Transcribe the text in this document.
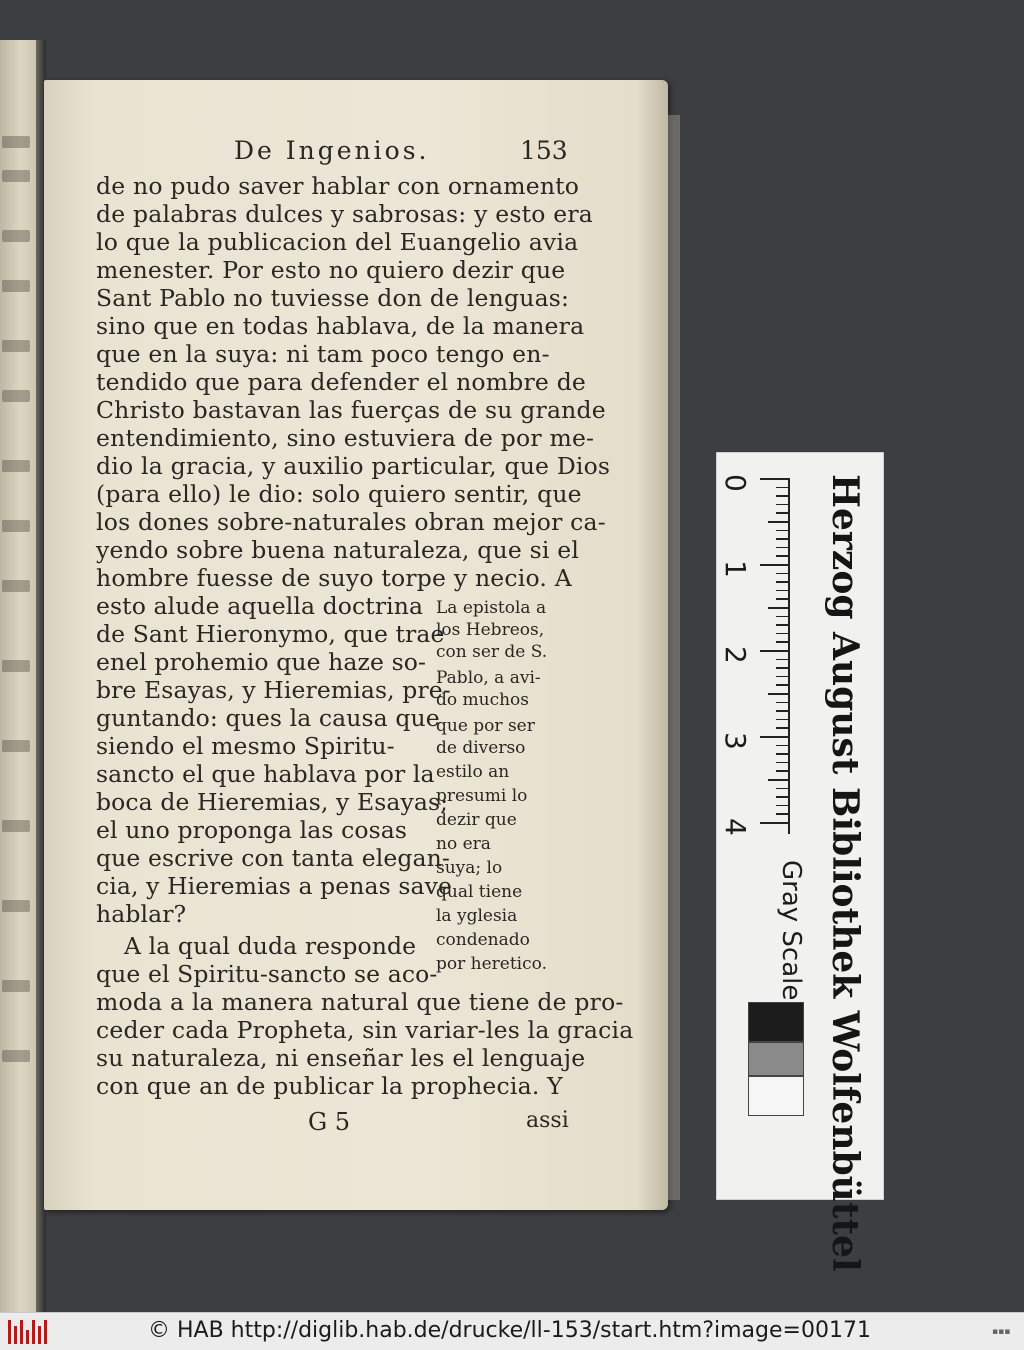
De Ingenios.	153
de no pudo saver hablar con ornamento
de palabras dulces y sabrosas: y esto era
lo que la publicacion del Euangelio avia
menester. Por esto no quiero dezir que
Sant Pablo no tuviesse don de lenguas:
sino que en todas hablava, de la manera
que en la suya: ni tam poco tengo en-
tendido que para defender el nombre de
Christo bastavan las fuerças de su grande
entendimiento, sino estuviera de por me-
dio la gracia, y auxilio particular, que Dios
(para ello) le dio: solo quiero sentir, que
los dones sobre-naturales obran mejor ca-
yendo sobre buena naturaleza, que si el
hombre fuesse de suyo torpe y necio. A
esto alude aquella doctrina
de Sant Hieronymo, que trae
enel prohemio que haze so-
bre Esayas, y Hieremias, pre-
guntando: ques la causa que
siendo el mesmo Spiritu-
sancto el que hablava por la
boca de Hieremias, y Esayas;
el uno proponga las cosas
que escrive con tanta elegan-
cia, y Hieremias a penas save
hablar?
A la qual duda responde
que el Spiritu-sancto se aco-
La epistola a
los Hebreos,
con ser de S.
Pablo, a avi-
do muchos
que por ser
de diverso
estilo an
presumi lo
dezir que
no era
suya; lo
qual tiene
la yglesia
condenado
por heretico.
moda a la manera natural que tiene de pro-
ceder cada Propheta, sin variar-les la gracia
su naturaleza, ni enseñar les el lenguaje
con que an de publicar la prophecia. Y
G 5	assi
0
1
2
3
4 Herzog August Bibliothek Wolfenbüttel
Gray Scale
© HAB http://diglib.hab.de/drucke/ll-153/start.htm?image=00171	▪▪▪
